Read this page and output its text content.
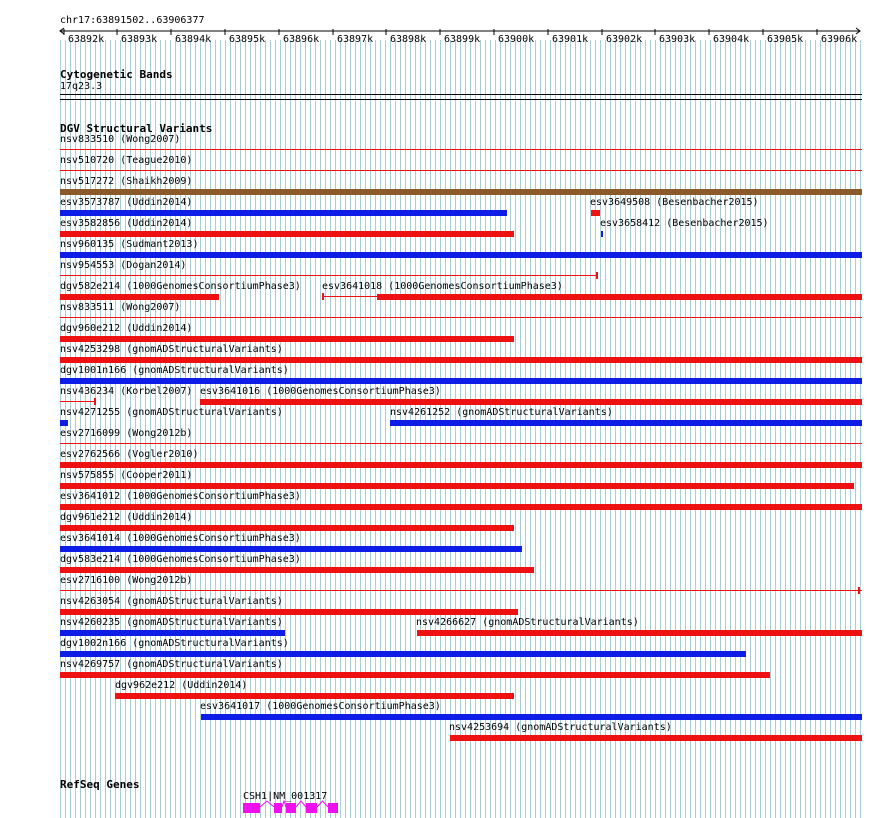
chr17:63891502..63906377
63892k 63893k 63894k 63895k 63896k 63897k 63898k 63899k 63900k 63901k 63902k 63903k 63904k 63905k 63906k
Cytogenetic Bands
17q23.3
DGV Structural Variants
nsv833510 (Wong2007)
nsv510720 (Teague2010)
nsv517272 (Shaikh2009)
esv3573787 (Uddin2014)	esv3649508 (Besenbacher2015)
esv3582856 (Uddin2014)	esv3658412 (Besenbacher2015)
nsv960135 (Sudmant2013)
nsv954553 (Dogan2014)
dgv582e214 (1000GenomesConsortiumPhase3) esv3641018 (1000GenomesConsortiumPhase3)
nsv833511 (Wong2007)
dgv960e212 (Uddin2014)
nsv4253298 (gnomADStructuralVariants)
dgv1001n166 (gnomADStructuralVariants)
nsv436234 (Korbel2007) esv3641016 (1000GenomesConsortiumPhase3)
nsv4271255 (gnomADStructuralVariants)	nsv4261252 (gnomADStructuralVariants)
esv2716099 (Wong2012b)
esv2762566 (Vogler2010)
nsv575855 (Cooper2011)
esv3641012 (1000GenomesConsortiumPhase3)
dgv961e212 (Uddin2014)
esv3641014 (1000GenomesConsortiumPhase3)
dgv583e214 (1000GenomesConsortiumPhase3)
esv2716100 (Wong2012b)
nsv4263054 (gnomADStructuralVariants)
nsv4260235 (gnomADStructuralVariants)	nsv4266627 (gnomADStructuralVariants)
dgv1002n166 (gnomADStructuralVariants)
nsv4269757 (gnomADStructuralVariants)
dgv962e212 (Uddin2014)
esv3641017 (1000GenomesConsortiumPhase3)
nsv4253694 (gnomADStructuralVariants)
RefSeq Genes
CSH1|NM_001317
